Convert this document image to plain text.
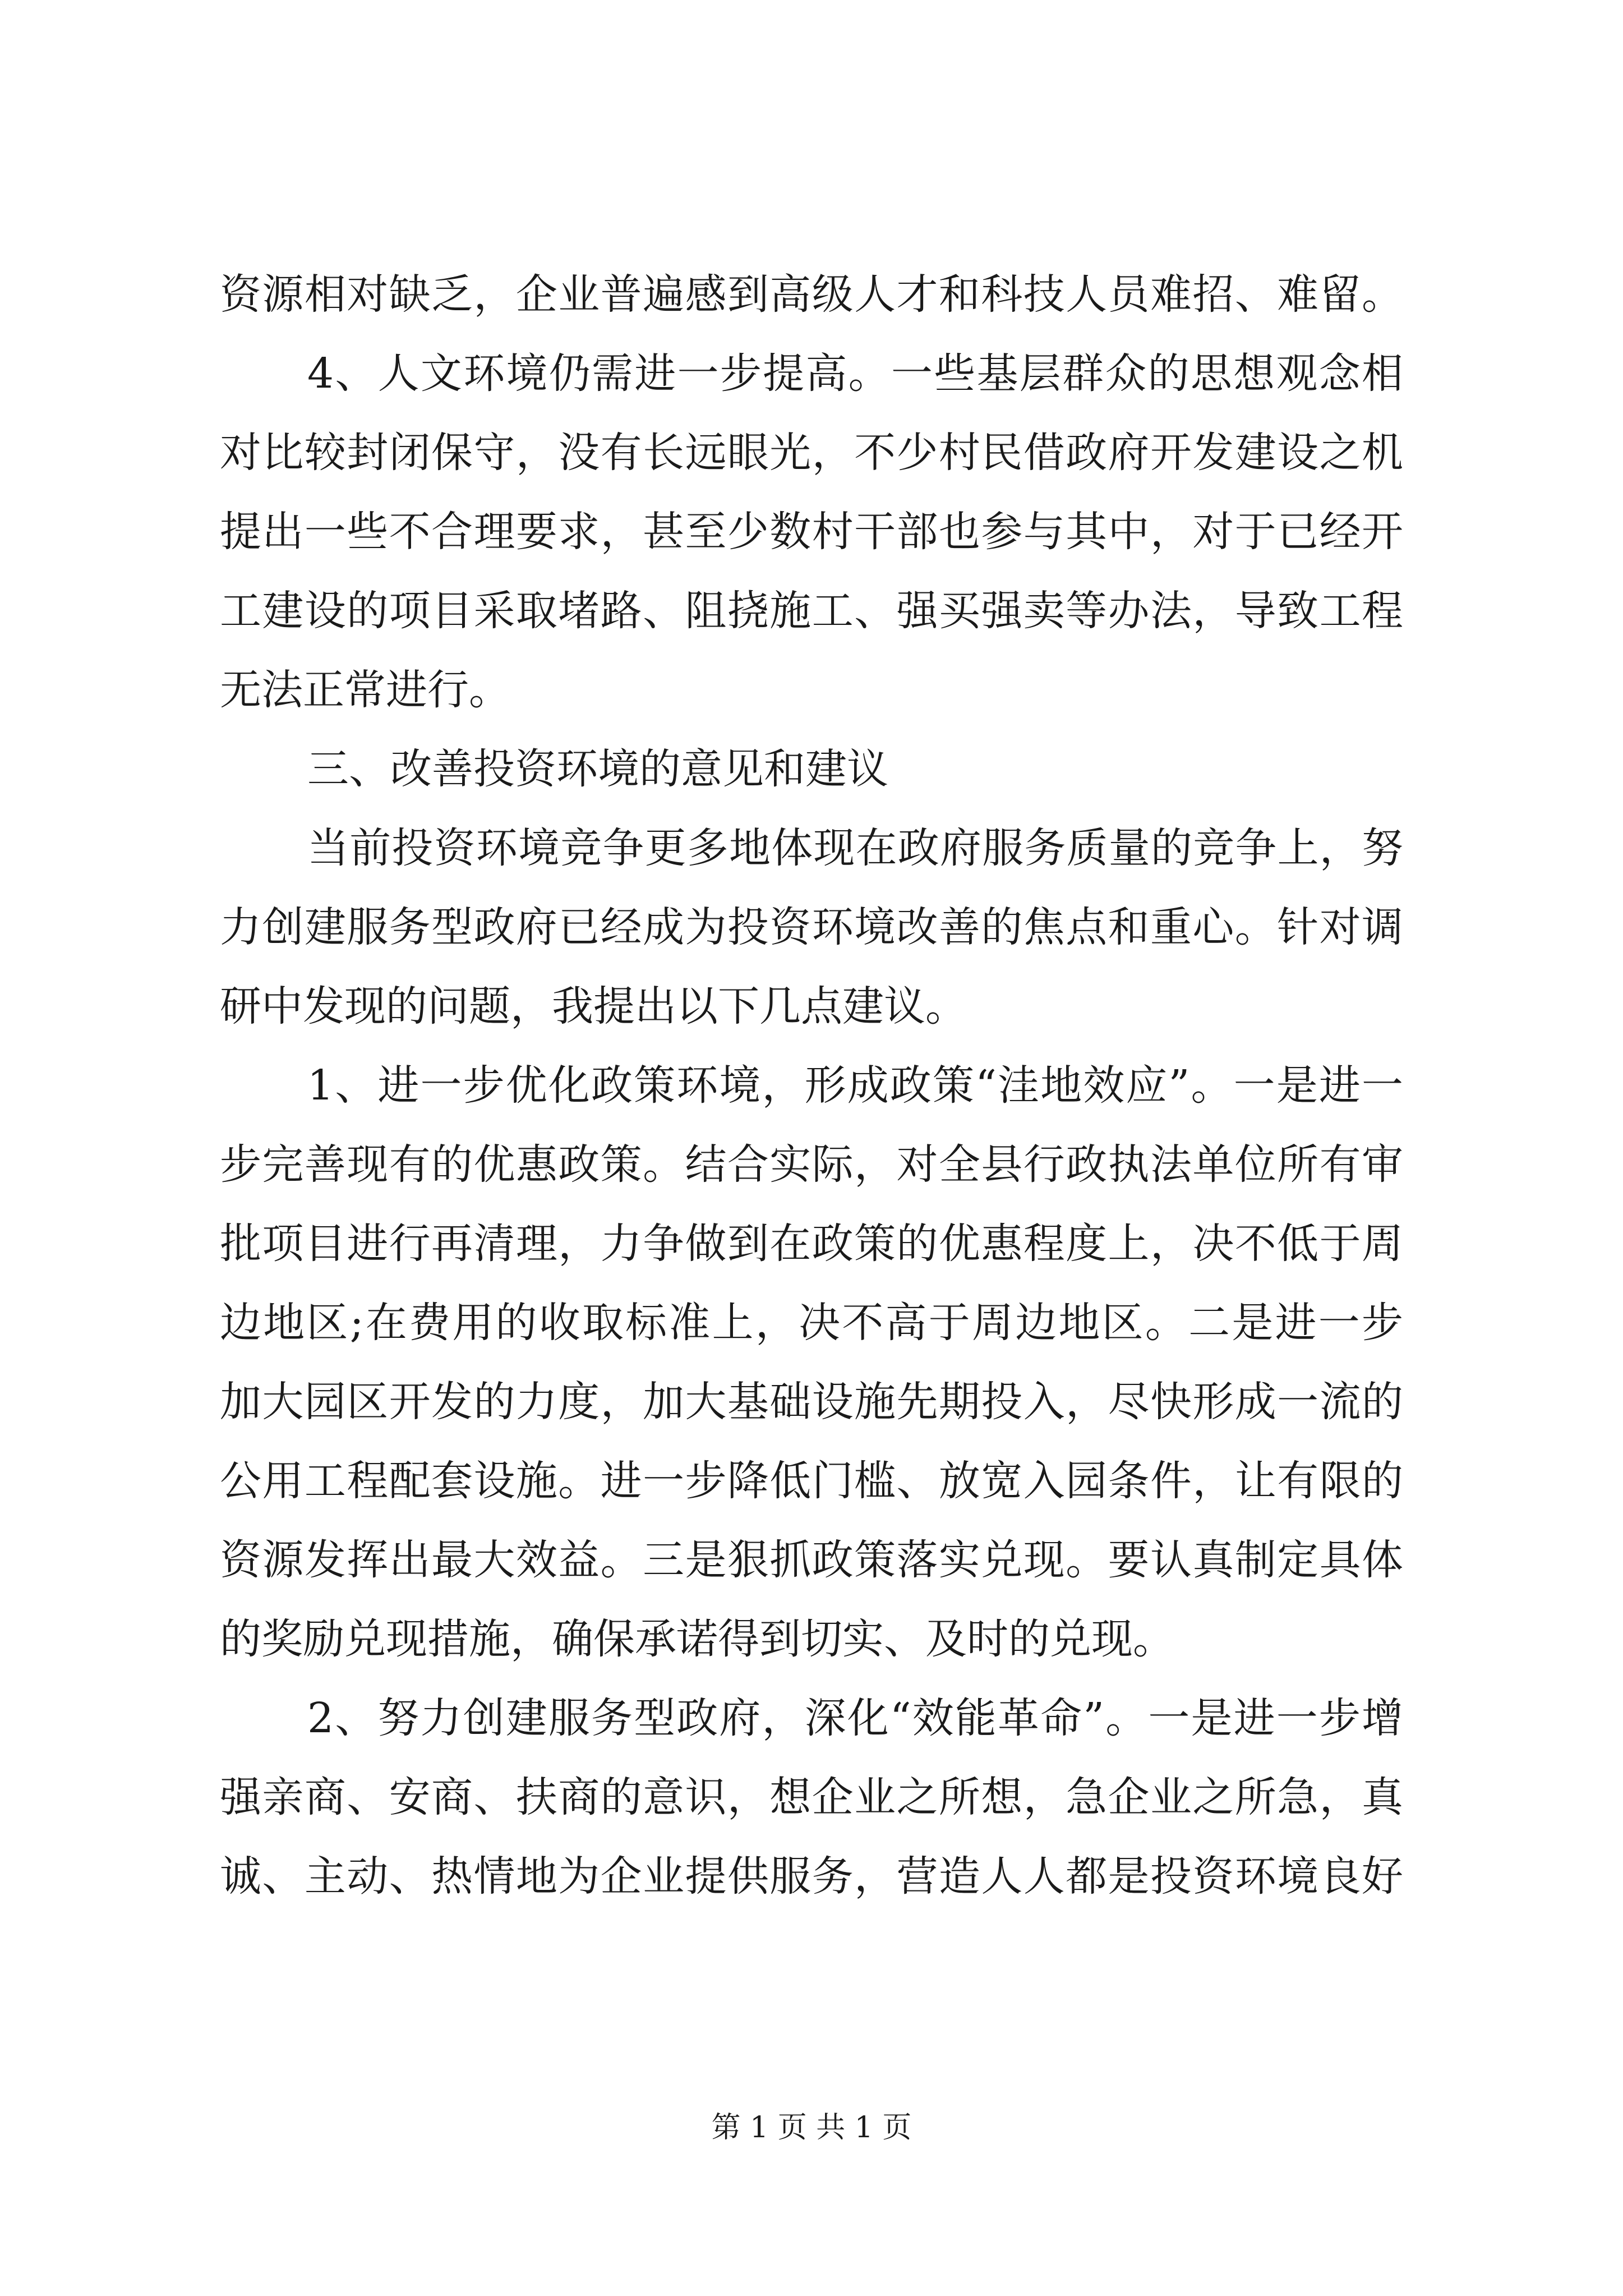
资源相对缺乏，企业普遍感到高级人才和科技人员难招、难留。
4、人文环境仍需进一步提高。一些基层群众的思想观念相
对比较封闭保守，没有长远眼光，不少村民借政府开发建设之机
提出一些不合理要求，甚至少数村干部也参与其中，对于已经开
工建设的项目采取堵路、阻挠施工、强买强卖等办法，导致工程
无法正常进行。
三、改善投资环境的意见和建议
当前投资环境竞争更多地体现在政府服务质量的竞争上，努
力创建服务型政府已经成为投资环境改善的焦点和重心。针对调
研中发现的问题，我提出以下几点建议。
1、进一步优化政策环境，形成政策“洼地效应”。一是进一
步完善现有的优惠政策。结合实际，对全县行政执法单位所有审
批项目进行再清理，力争做到在政策的优惠程度上，决不低于周
边地区;在费用的收取标准上，决不高于周边地区。二是进一步
加大园区开发的力度，加大基础设施先期投入，尽快形成一流的
公用工程配套设施。进一步降低门槛、放宽入园条件，让有限的
资源发挥出最大效益。三是狠抓政策落实兑现。要认真制定具体
的奖励兑现措施，确保承诺得到切实、及时的兑现。
2、努力创建服务型政府，深化“效能革命”。一是进一步增
强亲商、安商、扶商的意识，想企业之所想，急企业之所急，真
诚、主动、热情地为企业提供服务，营造人人都是投资环境良好
第 1 页 共 1 页
